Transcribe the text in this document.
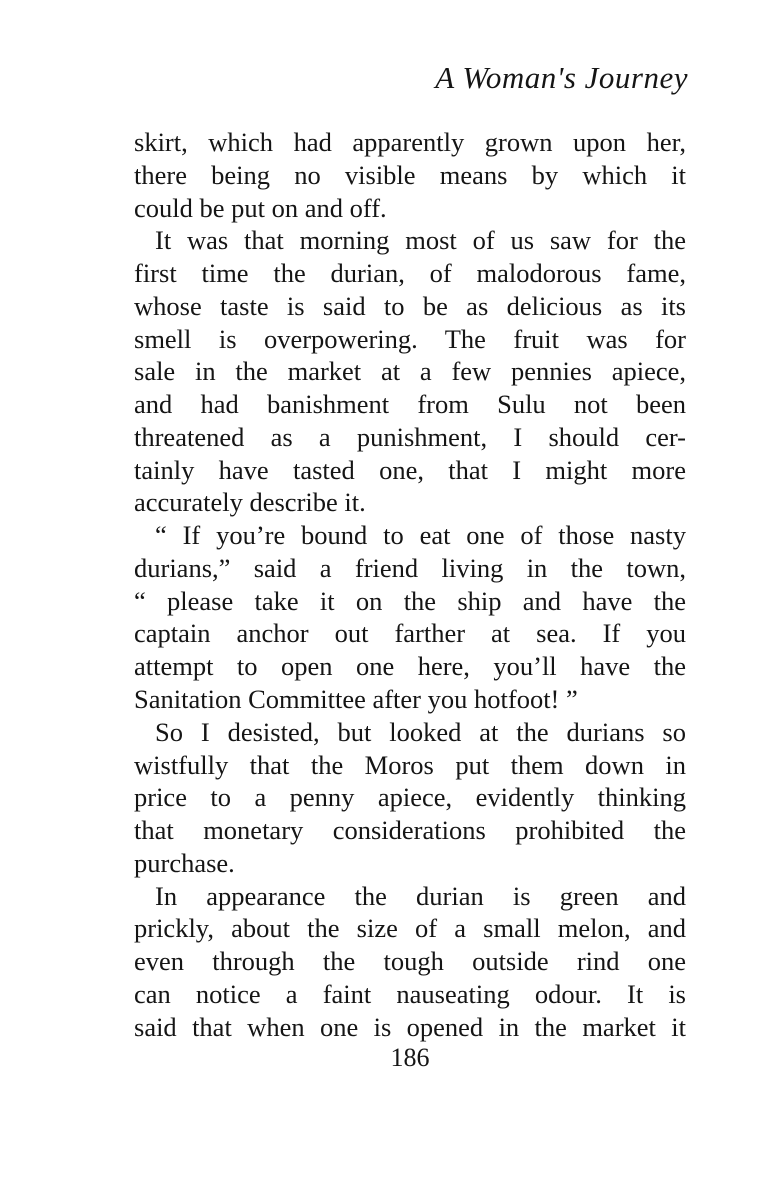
A Woman's Journey
skirt, which had apparently grown upon her,
there being no visible means by which it
could be put on and off.
It was that morning most of us saw for the
first time the durian, of malodorous fame,
whose taste is said to be as delicious as its
smell is overpowering. The fruit was for
sale in the market at a few pennies apiece,
and had banishment from Sulu not been
threatened as a punishment, I should cer-
tainly have tasted one, that I might more
accurately describe it.
“ If you’re bound to eat one of those nasty
durians,” said a friend living in the town,
“ please take it on the ship and have the
captain anchor out farther at sea. If you
attempt to open one here, you’ll have the
Sanitation Committee after you hotfoot! ”
So I desisted, but looked at the durians so
wistfully that the Moros put them down in
price to a penny apiece, evidently thinking
that monetary considerations prohibited the
purchase.
In appearance the durian is green and
prickly, about the size of a small melon, and
even through the tough outside rind one
can notice a faint nauseating odour. It is
said that when one is opened in the market it
186
